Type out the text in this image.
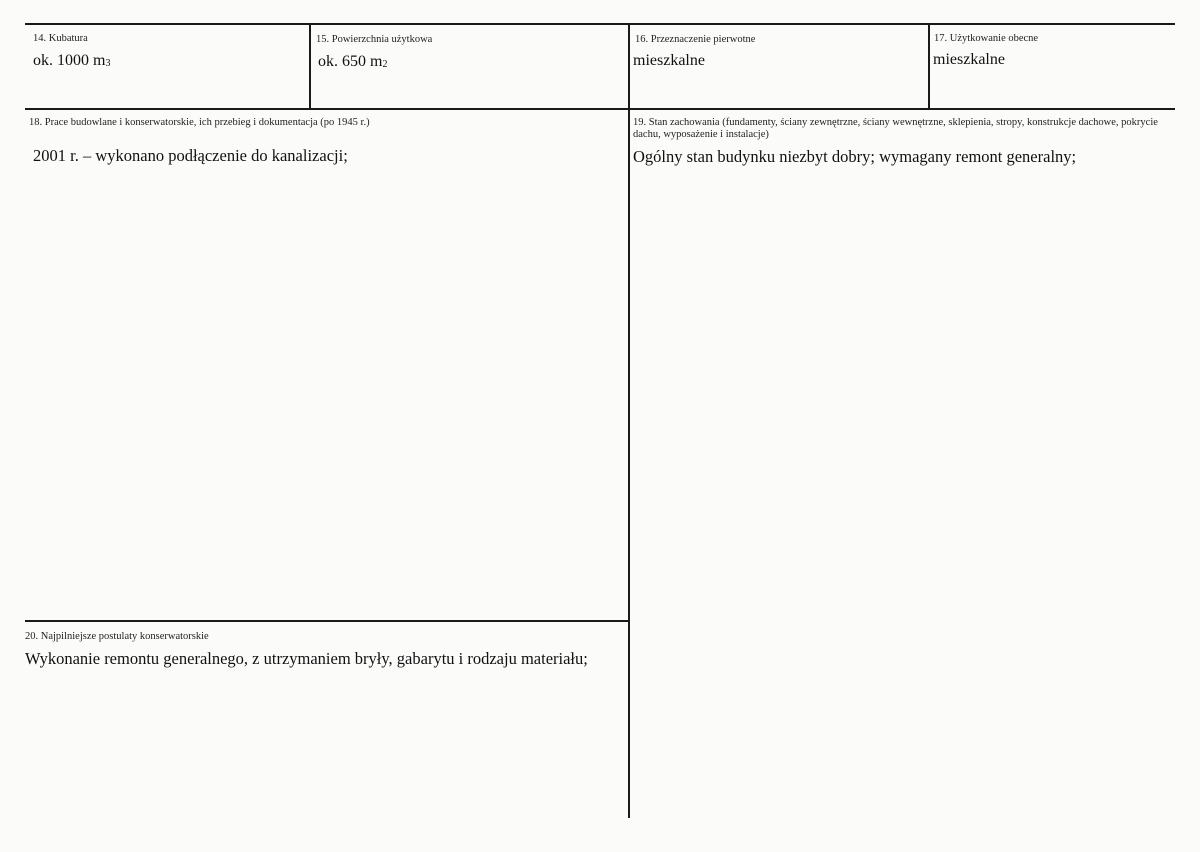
14. Kubatura
ok. 1000 $m_3$
15. Powierzchnia użytkowa
ok. 650 $m_2$
16. Przeznaczenie pierwotne
mieszkalne
17. Użytkowanie obecne
mieszkalne
18. Prace budowlane i konserwatorskie, ich przebieg i dokumentacja (po 1945 r.)
2001 r. – wykonano podłączenie do kanalizacji;
19. Stan zachowania (fundamenty, ściany zewnętrzne, ściany wewnętrzne, sklepienia, stropy, konstrukcje dachowe, pokrycie dachu, wyposażenie i instalacje)
Ogólny stan budynku niezbyt dobry; wymagany remont generalny;
20. Najpilniejsze postulaty konserwatorskie
Wykonanie remontu generalnego, z utrzymaniem bryły, gabarytu i rodzaju materiału;
